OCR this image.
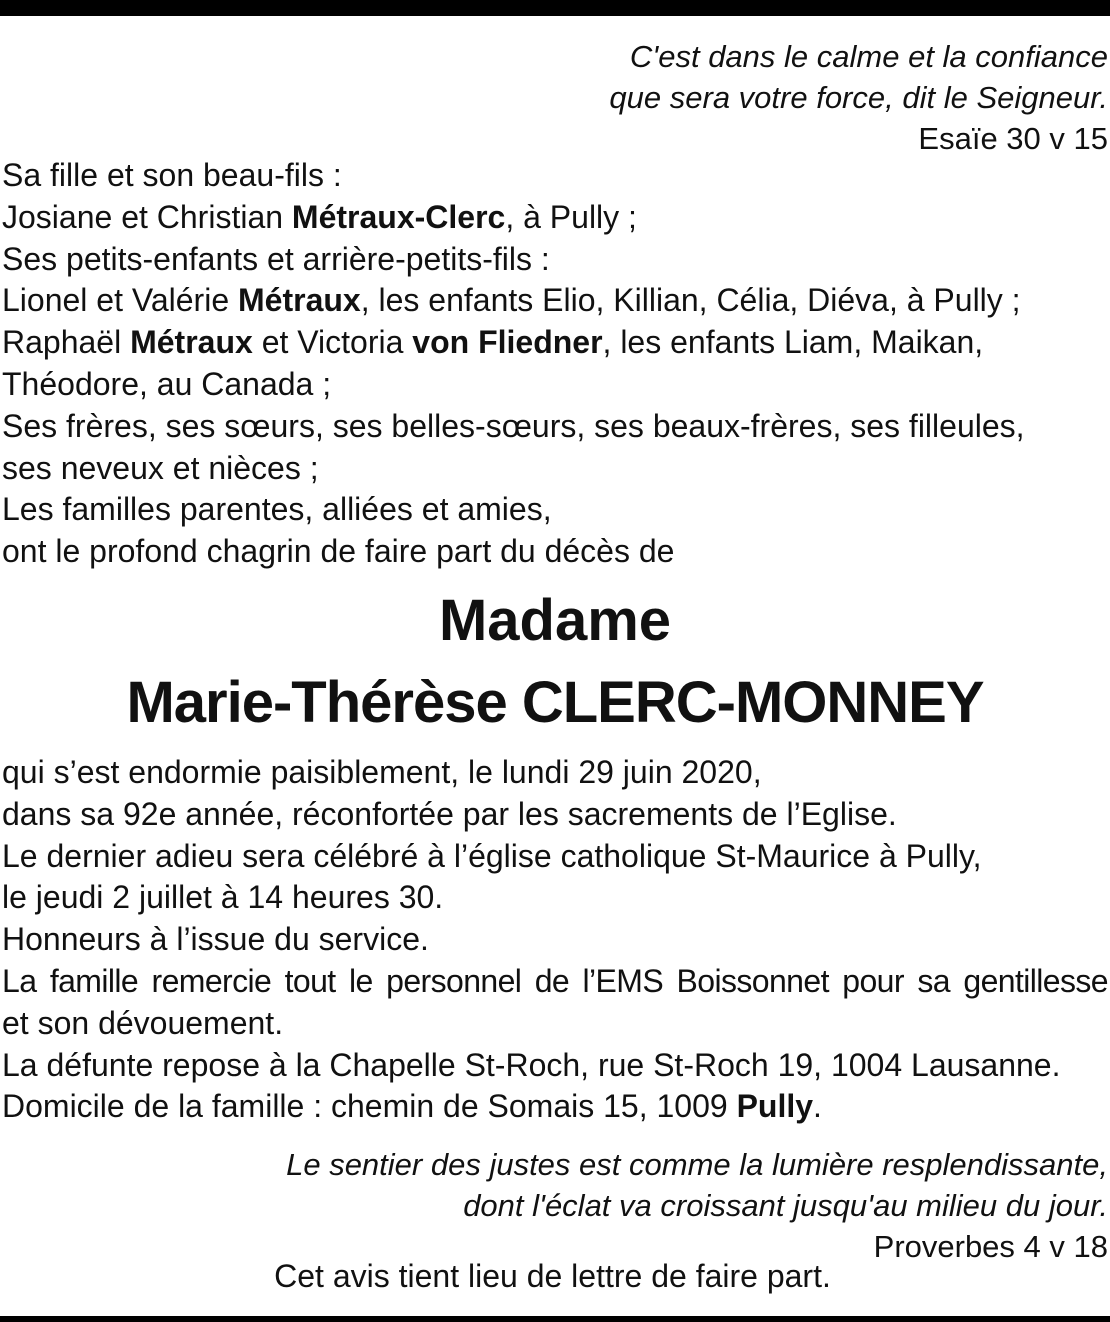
C'est dans le calme et la confiance
que sera votre force, dit le Seigneur.
Esaïe 30 v 15
Sa fille et son beau-fils :
Josiane et Christian Métraux-Clerc, à Pully ;
Ses petits-enfants et arrière-petits-fils :
Lionel et Valérie Métraux, les enfants Elio, Killian, Célia, Diéva, à Pully ;
Raphaël Métraux et Victoria von Fliedner, les enfants Liam, Maikan,
Théodore, au Canada ;
Ses frères, ses sœurs, ses belles-sœurs, ses beaux-frères, ses filleules,
ses neveux et nièces ;
Les familles parentes, alliées et amies,
ont le profond chagrin de faire part du décès de
Madame
Marie-Thérèse CLERC-MONNEY
qui s’est endormie paisiblement, le lundi 29 juin 2020,
dans sa 92e année, réconfortée par les sacrements de l’Eglise.
Le dernier adieu sera célébré à l’église catholique St-Maurice à Pully,
le jeudi 2 juillet à 14 heures 30.
Honneurs à l’issue du service.
La famille remercie tout le personnel de l’EMS Boissonnet pour sa gentillesse
et son dévouement.
La défunte repose à la Chapelle St-Roch, rue St-Roch 19, 1004 Lausanne.
Domicile de la famille : chemin de Somais 15, 1009 Pully.
Le sentier des justes est comme la lumière resplendissante,
dont l'éclat va croissant jusqu'au milieu du jour.
Proverbes 4 v 18
Cet avis tient lieu de lettre de faire part.
